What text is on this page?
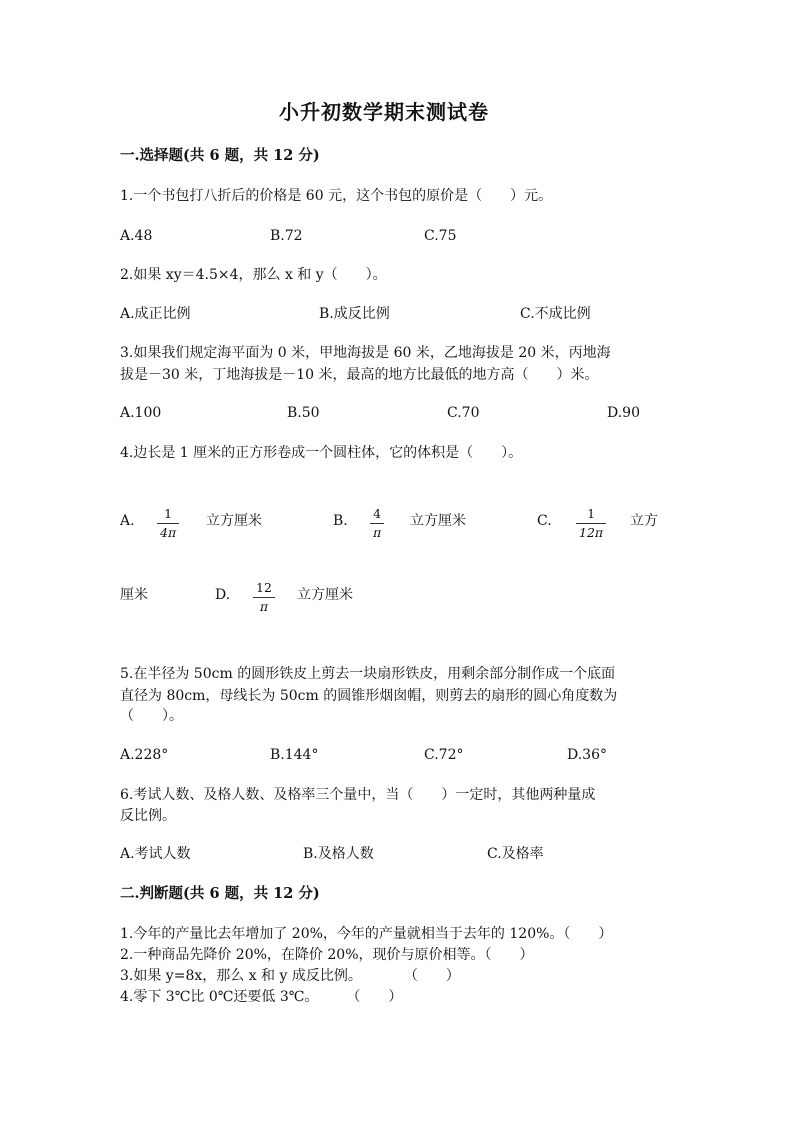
小升初数学期末测试卷
一.选择题(共 6 题，共 12 分)
1.一个书包打八折后的价格是 60 元，这个书包的原价是（　　）元。
A.48	B.72	C.75
2.如果 xy＝4.5×4，那么 x 和 y（　　）。
A.成正比例	B.成反比例	C.不成比例
3.如果我们规定海平面为 0 米，甲地海拔是 60 米，乙地海拔是 20 米，丙地海
拔是－30 米，丁地海拔是－10 米，最高的地方比最低的地方高（　　）米。
A.100	B.50	C.70	D.90
4.边长是 1 厘米的正方形卷成一个圆柱体，它的体积是（　　）。
A. 1
4π
立方厘米	B. 4
π
立方厘米	C.	1
12π
立方
厘米	D. 12
π
立方厘米
5.在半径为 50cm 的圆形铁皮上剪去一块扇形铁皮，用剩余部分制作成一个底面
直径为 80cm，母线长为 50cm 的圆锥形烟囱帽，则剪去的扇形的圆心角度数为
（　　）。
A.228°	B.144°	C.72°	D.36°
6.考试人数、及格人数、及格率三个量中，当（　　）一定时，其他两种量成
反比例。
A.考试人数	B.及格人数	C.及格率
二.判断题(共 6 题，共 12 分)
1.今年的产量比去年增加了 20%，今年的产量就相当于去年的 120%。（　　）
2.一种商品先降价 20%，在降价 20%，现价与原价相等。（　　）
3.如果 y=8x，那么 x 和 y 成反比例。　　　　（　　）
4.零下 3℃比 0℃还要低 3℃。　　　（　　）
